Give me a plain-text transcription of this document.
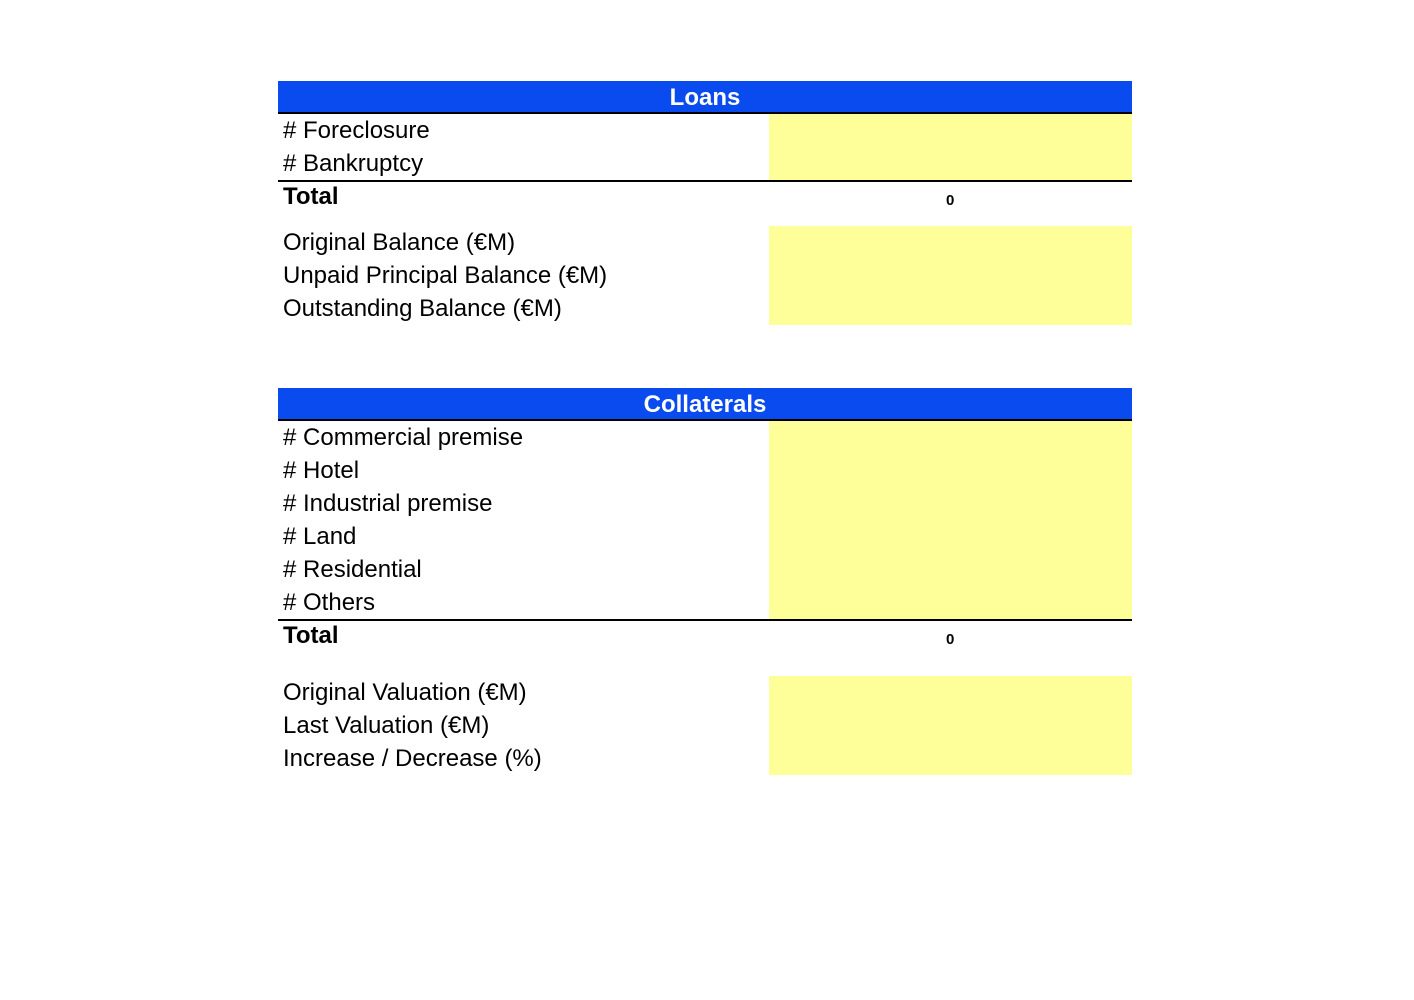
Loans
# Foreclosure
# Bankruptcy
Total	0
Original Balance (€M)
Unpaid Principal Balance (€M)
Outstanding Balance (€M)
Collaterals
# Commercial premise
# Hotel
# Industrial premise
# Land
# Residential
# Others
Total	0
Original Valuation (€M)
Last Valuation (€M)
Increase / Decrease (%)
